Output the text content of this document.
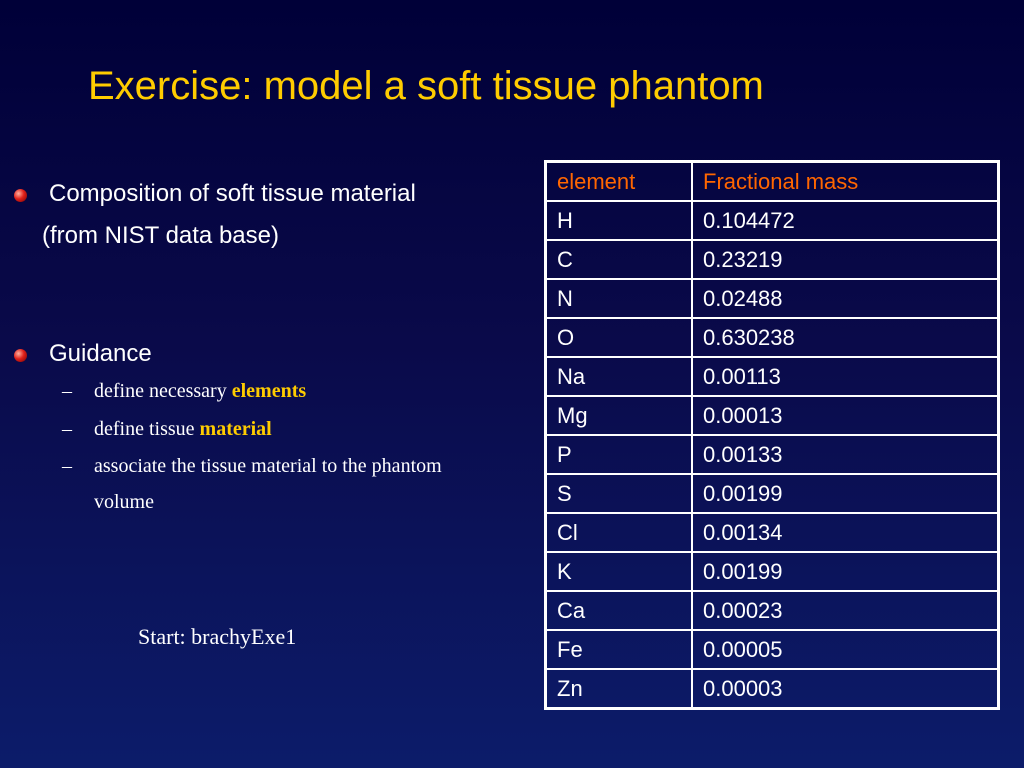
Exercise: model a soft tissue phantom
Composition of soft tissue material
(from NIST data base)
Guidance
– define necessary elements
– define tissue material
– associate the tissue material to the phantom
volume
Start: brachyExe1
element	Fractional mass
H	0.104472
C	0.23219
N	0.02488
O	0.630238
Na	0.00113
Mg	0.00013
P	0.00133
S	0.00199
Cl	0.00134
K	0.00199
Ca	0.00023
Fe	0.00005
Zn	0.00003
